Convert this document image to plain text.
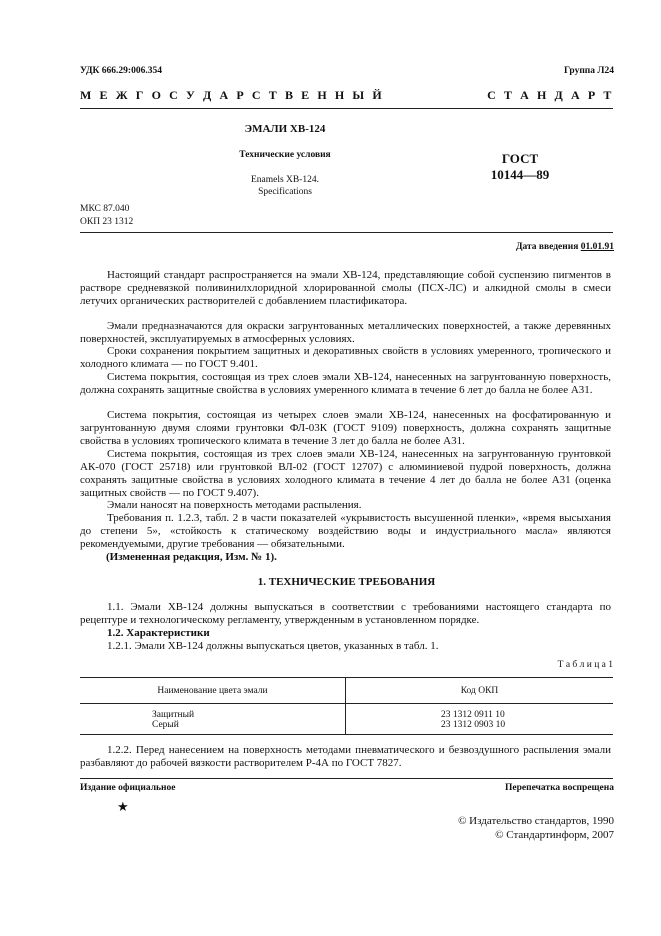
УДК 666.29:006.354	Группа Л24
М Е Ж Г О С У Д А Р С Т В Е Н Н Ы Й	С Т А Н Д А Р Т
ЭМАЛИ ХВ-124
Технические условия
Enamels XB-124.
Specifications
ГОСТ
10144—89
МКС 87.040
ОКП 23 1312
Дата введения 01.01.91

Настоящий стандарт распространяется на эмали ХВ-124, представляющие собой суспензию пигментов в растворе средневязкой поливинилхлоридной хлорированной смолы (ПСХ-ЛС) и алкидной смолы в смеси летучих органических растворителей с добавлением пластификатора.

Эмали предназначаются для окраски загрунтованных металлических поверхностей, а также деревянных поверхностей, эксплуатируемых в атмосферных условиях.

Сроки сохранения покрытием защитных и декоративных свойств в условиях умеренного, тропического и холодного климата — по ГОСТ 9.401.

Система покрытия, состоящая из трех слоев эмали ХВ-124, нанесенных на загрунтованную поверхность, должна сохранять защитные свойства в условиях умеренного климата в течение 6 лет до балла не более А31.

Система покрытия, состоящая из четырех слоев эмали ХВ-124, нанесенных на фосфатированную и загрунтованную двумя слоями грунтовки ФЛ-03К (ГОСТ 9109) поверхность, должна сохранять защитные свойства в условиях тропического климата в течение 3 лет до балла не более А31.

Система покрытия, состоящая из трех слоев эмали ХВ-124, нанесенных на загрунтованную грунтовкой АК-070 (ГОСТ 25718) или грунтовкой ВЛ-02 (ГОСТ 12707) с алюминиевой пудрой поверхность, должна сохранять защитные свойства в условиях холодного климата в течение 4 лет до балла не более А31 (оценка защитных свойств — по ГОСТ 9.407).

Эмали наносят на поверхность методами распыления.

Требования п. 1.2.3, табл. 2 в части показателей «укрывистость высушенной пленки», «время высыхания до степени 5», «стойкость к статическому воздействию воды и индустриального масла» являются рекомендуемыми, другие требования — обязательными.

(Измененная редакция, Изм. № 1).

1. ТЕХНИЧЕСКИЕ ТРЕБОВАНИЯ

1.1. Эмали ХВ-124 должны выпускаться в соответствии с требованиями настоящего стандарта по рецептуре и технологическому регламенту, утвержденным в установленном порядке.

1.2. Характеристики

1.2.1. Эмали ХВ-124 должны выпускаться цветов, указанных в табл. 1.

Т а б л и ц а 1
Наименование цвета эмали	Код ОКП
Защитный	23 1312 0911 10
Серый	23 1312 0903 10

1.2.2. Перед нанесением на поверхность методами пневматического и безвоздушного распыления эмали разбавляют до рабочей вязкости растворителем Р-4А по ГОСТ 7827.

Издание официальное	Перепечатка воспрещена
★
© Издательство стандартов, 1990
© Стандартинформ, 2007
